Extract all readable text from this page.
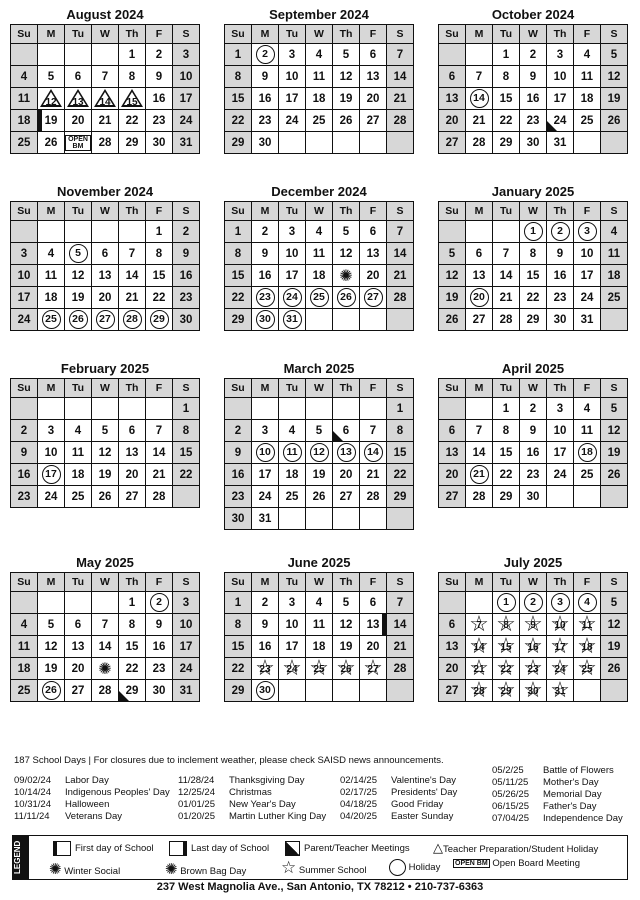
August 2024
Su	M	Tu	W	Th	F	S
				1	2	3
4	5	6	7	8	9	10
11	12	13	14	15	16	17
18	19	20	21	22	23	24
25	26	OPEN BM	28	29	30	31
September 2024
Su	M	Tu	W	Th	F	S
1	2	3	4	5	6	7
8	9	10	11	12	13	14
15	16	17	18	19	20	21
22	23	24	25	26	27	28
29	30					
October 2024
Su	M	Tu	W	Th	F	S
		1	2	3	4	5
6	7	8	9	10	11	12
13	14	15	16	17	18	19
20	21	22	23	24	25	26
27	28	29	30	31		
November 2024
Su	M	Tu	W	Th	F	S
					1	2
3	4	5	6	7	8	9
10	11	12	13	14	15	16
17	18	19	20	21	22	23
24	25	26	27	28	29	30
December 2024
Su	M	Tu	W	Th	F	S
1	2	3	4	5	6	7
8	9	10	11	12	13	14
15	16	17	18	✺	20	21
22	23	24	25	26	27	28
29	30	31				
January 2025
Su	M	Tu	W	Th	F	S
			1	2	3	4
5	6	7	8	9	10	11
12	13	14	15	16	17	18
19	20	21	22	23	24	25
26	27	28	29	30	31	
February 2025
Su	M	Tu	W	Th	F	S
						1
2	3	4	5	6	7	8
9	10	11	12	13	14	15
16	17	18	19	20	21	22
23	24	25	26	27	28	
March 2025
Su	M	Tu	W	Th	F	S
						1
2	3	4	5	6	7	8
9	10	11	12	13	14	15
16	17	18	19	20	21	22
23	24	25	26	27	28	29
30	31					
April 2025
Su	M	Tu	W	Th	F	S
		1	2	3	4	5
6	7	8	9	10	11	12
13	14	15	16	17	18	19
20	21	22	23	24	25	26
27	28	29	30			
May 2025
Su	M	Tu	W	Th	F	S
				1	2	3
4	5	6	7	8	9	10
11	12	13	14	15	16	17
18	19	20	✺	22	23	24
25	26	27	28	29	30	31
June 2025
Su	M	Tu	W	Th	F	S
1	2	3	4	5	6	7
8	9	10	11	12	13	14
15	16	17	18	19	20	21
22	☆ 23	☆ 24	☆ 25	☆ 26	☆ 27	28
29	30					
July 2025
Su	M	Tu	W	Th	F	S
		1	2	3	4	5
6	☆ 7	☆ 8	☆ 9	☆ 10	☆ 11	12
13	☆ 14	☆ 15	☆ 16	☆ 17	☆ 18	19
20	☆ 21	☆ 22	☆ 23	☆ 24	☆ 25	26
27	☆ 28	☆ 29	☆ 30	☆ 31		
187 School Days | For closures due to inclement weather, please check SAISD news announcements.
09/02/24 Labor Day
10/14/24 Indigenous Peoples' Day
10/31/24 Halloween
11/11/24 Veterans Day
11/28/24 Thanksgiving Day
12/25/24 Christmas
01/01/25 New Year's Day
01/20/25 Martin Luther King Day
02/14/25 Valentine's Day
02/17/25 Presidents' Day
04/18/25 Good Friday
04/20/25 Easter Sunday
05/2/25 Battle of Flowers
05/11/25 Mother's Day
05/26/25 Memorial Day
06/15/25 Father's Day
07/04/25 Independence Day
LEGEND	First day of School	Last day of School	Parent/Teacher Meetings △Teacher Preparation/Student Holiday
✺ Winter Social	✺ Brown Bag Day ☆ Summer School	Holiday OPEN BM Open Board Meeting
237 West Magnolia Ave., San Antonio, TX 78212 • 210-737-6363
